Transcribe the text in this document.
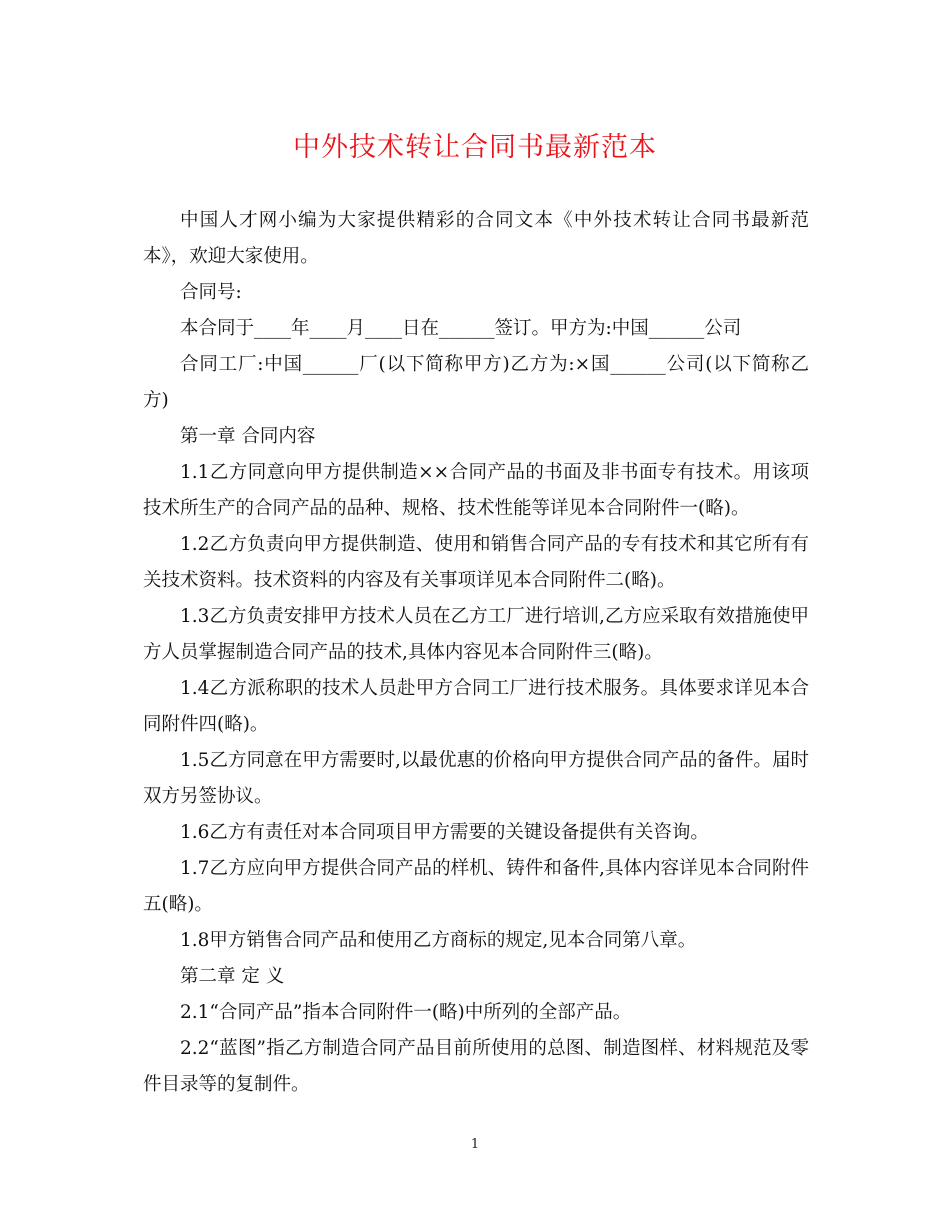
中外技术转让合同书最新范本

中国人才网小编为大家提供精彩的合同文本《中外技术转让合同书最新范本》，欢迎大家使用。

合同号:

本合同于____年____月____日在______签订。甲方为:中国______公司

合同工厂:中国______厂(以下简称甲方)乙方为:×国______公司(以下简称乙方)

第一章 合同内容

1.1乙方同意向甲方提供制造××合同产品的书面及非书面专有技术。用该项技术所生产的合同产品的品种、规格、技术性能等详见本合同附件一(略)。

1.2乙方负责向甲方提供制造、使用和销售合同产品的专有技术和其它所有有关技术资料。技术资料的内容及有关事项详见本合同附件二(略)。

1.3乙方负责安排甲方技术人员在乙方工厂进行培训,乙方应采取有效措施使甲方人员掌握制造合同产品的技术,具体内容见本合同附件三(略)。

1.4乙方派称职的技术人员赴甲方合同工厂进行技术服务。具体要求详见本合同附件四(略)。

1.5乙方同意在甲方需要时,以最优惠的价格向甲方提供合同产品的备件。届时双方另签协议。

1.6乙方有责任对本合同项目甲方需要的关键设备提供有关咨询。

1.7乙方应向甲方提供合同产品的样机、铸件和备件,具体内容详见本合同附件五(略)。

1.8甲方销售合同产品和使用乙方商标的规定,见本合同第八章。

第二章 定 义

2.1“合同产品”指本合同附件一(略)中所列的全部产品。

2.2“蓝图”指乙方制造合同产品目前所使用的总图、制造图样、材料规范及零件目录等的复制件。

1
